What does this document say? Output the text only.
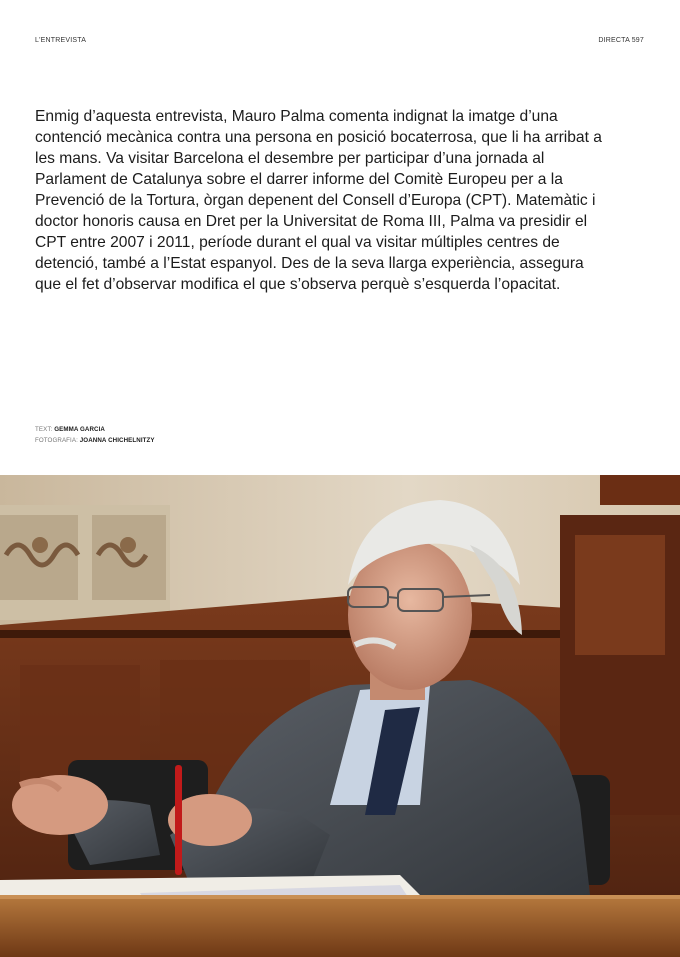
L'ENTREVISTA	DIRECTA 597

Enmig d’aquesta entrevista, Mauro Palma comenta indignat la imatge d’una contenció mecànica contra una persona en posició bocaterrosa, que li ha arribat a les mans. Va visitar Barcelona el desembre per participar d’una jornada al Parlament de Catalunya sobre el darrer informe del Comitè Europeu per a la Prevenció de la Tortura, òrgan depenent del Consell d’Europa (CPT). Matemàtic i doctor honoris causa en Dret per la Universitat de Roma III, Palma va presidir el CPT entre 2007 i 2011, període durant el qual va visitar múltiples centres de detenció, també a l’Estat espanyol. Des de la seva llarga experiència, assegura que el fet d’observar modifica el que s’observa perquè s’esquerda l’opacitat.

TEXT: GEMMA GARCIA
FOTOGRAFIA: JOANNA CHICHELNITZY
